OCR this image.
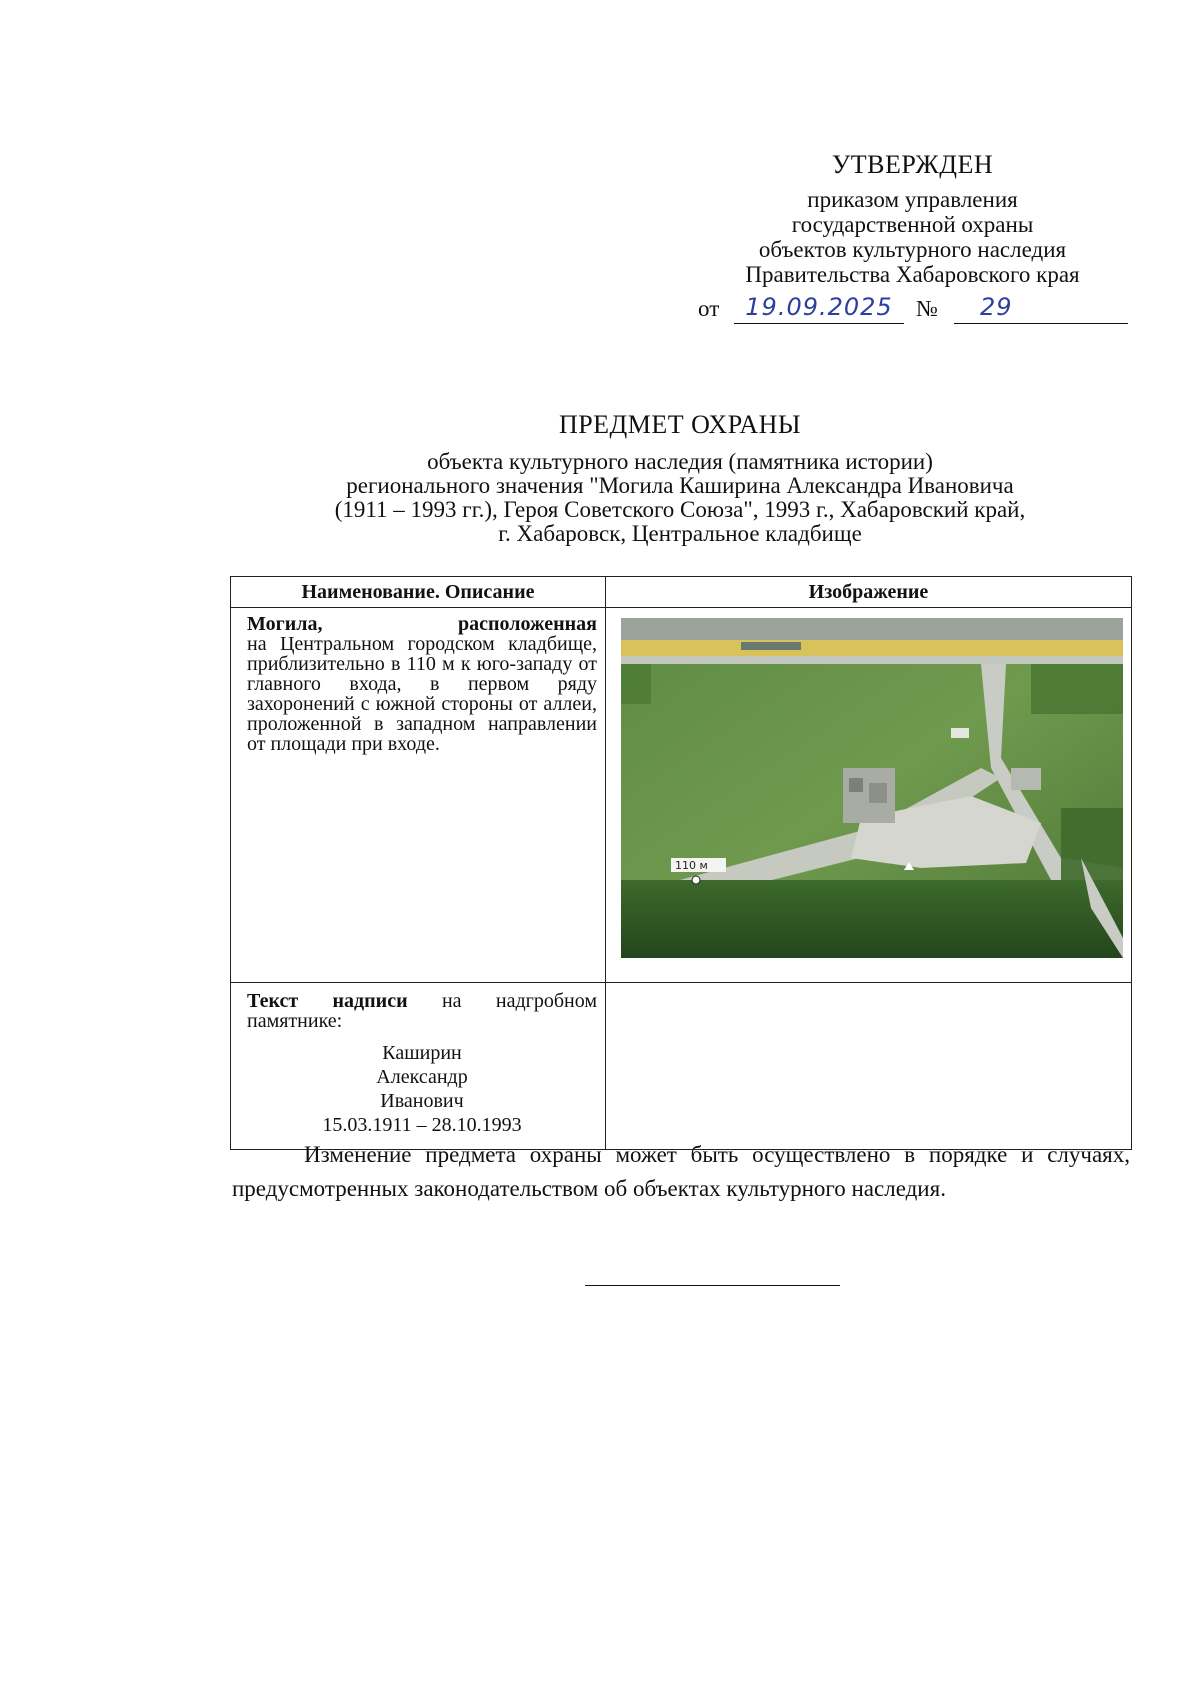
УТВЕРЖДЕН
приказом управления
государственной охраны
объектов культурного наследия
Правительства Хабаровского края
от	19.09.2025	№	29
ПРЕДМЕТ ОХРАНЫ
объекта культурного наследия (памятника истории)
регионального значения "Могила Каширина Александра Ивановича
(1911 – 1993 гг.), Героя Советского Союза", 1993 г., Хабаровский край,
г. Хабаровск, Центральное кладбище
Наименование. Описание	Изображение

Могила, расположенная
на Центральном городском кладбище, приблизительно в 110 м к юго-западу от главного входа, в первом ряду захоронений с южной стороны от аллеи, проложенной в западном направлении от площади при входе.	110 м

Текст надписи на надгробном памятнике:
Каширин
Александр
Иванович
15.03.1911 – 28.10.1993	

Изменение предмета охраны может быть осуществлено в порядке и случаях, предусмотренных законодательством об объектах культурного наследия.
